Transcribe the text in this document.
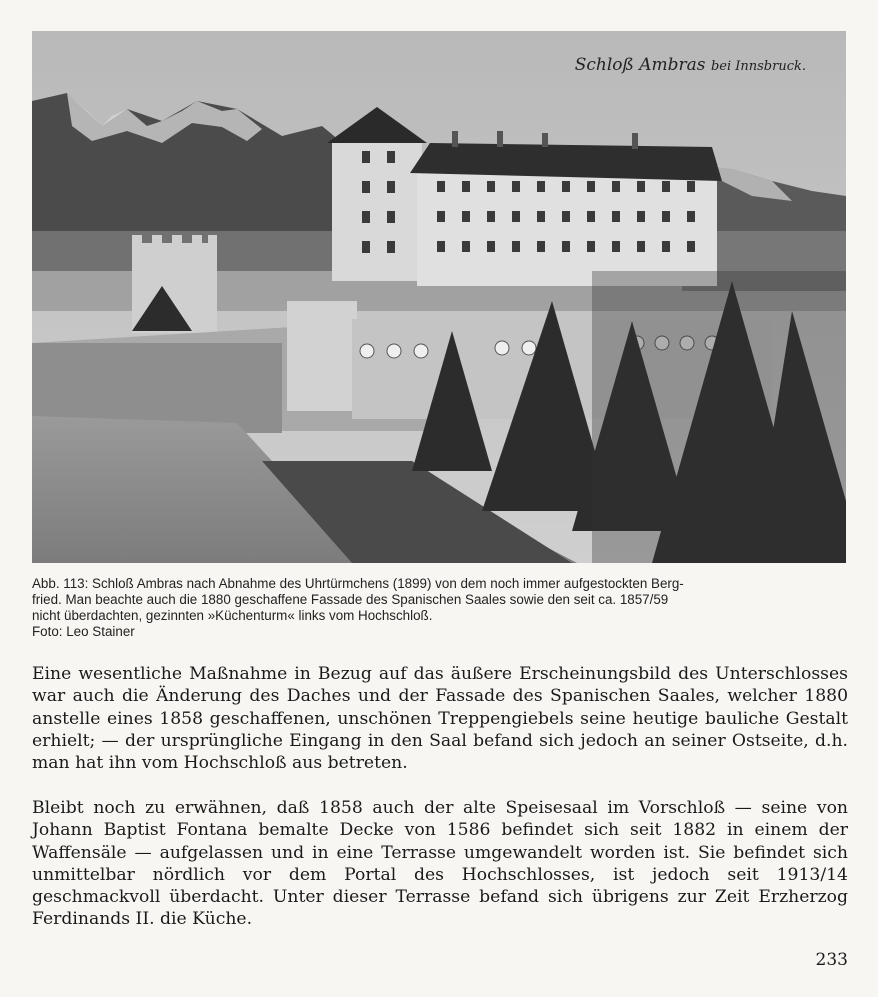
Schloß Ambras bei Innsbruck.

Abb. 113: Schloß Ambras nach Abnahme des Uhrtürmchens (1899) von dem noch immer aufgestockten Berg-

fried. Man beachte auch die 1880 geschaffene Fassade des Spanischen Saales sowie den seit ca. 1857/59

nicht überdachten, gezinnten »Küchenturm« links vom Hochschloß.

Foto: Leo Stainer

Eine wesentliche Maßnahme in Bezug auf das äußere Erscheinungsbild des Unterschlosses war auch die Änderung des Daches und der Fassade des Spanischen Saales, welcher 1880 anstelle eines 1858 geschaffenen, unschönen Treppengiebels seine heutige bauliche Gestalt erhielt; — der ursprüngliche Eingang in den Saal befand sich jedoch an seiner Ostseite, d.h. man hat ihn vom Hochschloß aus betreten.

Bleibt noch zu erwähnen, daß 1858 auch der alte Speisesaal im Vorschloß — seine von Johann Baptist Fontana bemalte Decke von 1586 befindet sich seit 1882 in einem der Waffensäle — aufgelassen und in eine Terrasse umgewandelt worden ist. Sie befindet sich unmittelbar nördlich vor dem Portal des Hochschlosses, ist jedoch seit 1913/14 geschmackvoll überdacht. Unter dieser Terrasse befand sich übrigens zur Zeit Erzherzog Ferdinands II. die Küche.

233
